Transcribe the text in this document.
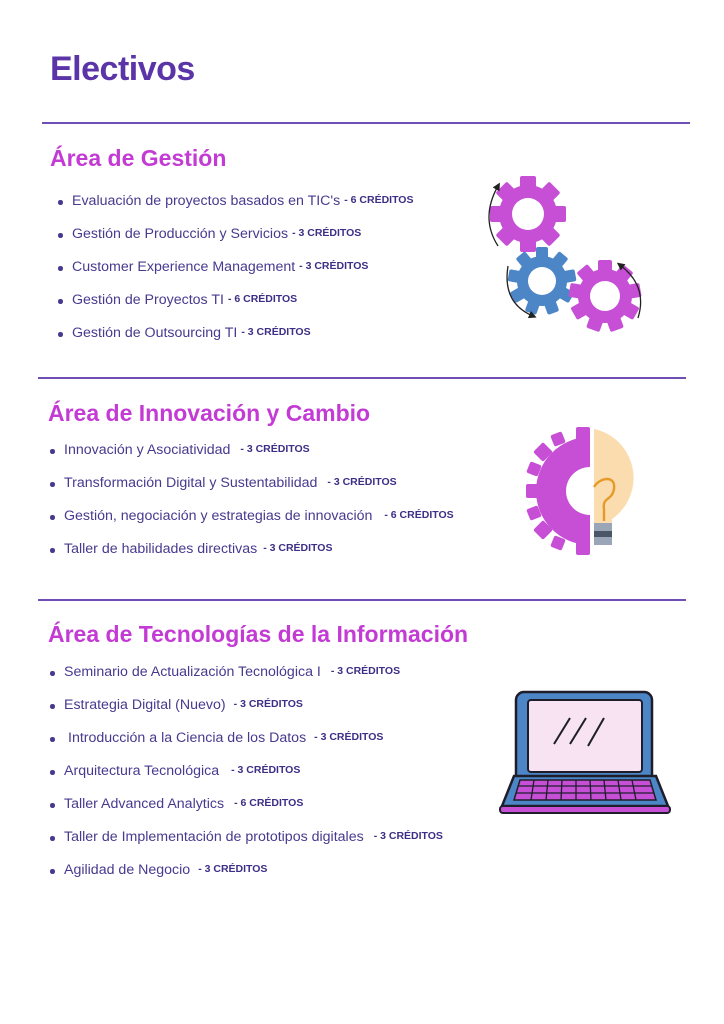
Electivos
Área de Gestión
Evaluación de proyectos basados en TIC's - 6 CRÉDITOS
Gestión de Producción y Servicios - 3 CRÉDITOS
Customer Experience Management - 3 CRÉDITOS
Gestión de Proyectos TI - 6 CRÉDITOS
Gestión de Outsourcing TI - 3 CRÉDITOS
Área de Innovación y Cambio
Innovación y Asociatividad - 3 CRÉDITOS
Transformación Digital y Sustentabilidad - 3 CRÉDITOS
Gestión, negociación y estrategias de innovación - 6 CRÉDITOS
Taller de habilidades directivas - 3 CRÉDITOS
Área de Tecnologías de la Información
Seminario de Actualización Tecnológica I - 3 CRÉDITOS
Estrategia Digital (Nuevo) - 3 CRÉDITOS
Introducción a la Ciencia de los Datos - 3 CRÉDITOS
Arquitectura Tecnológica - 3 CRÉDITOS
Taller Advanced Analytics - 6 CRÉDITOS
Taller de Implementación de prototipos digitales - 3 CRÉDITOS
Agilidad de Negocio - 3 CRÉDITOS
